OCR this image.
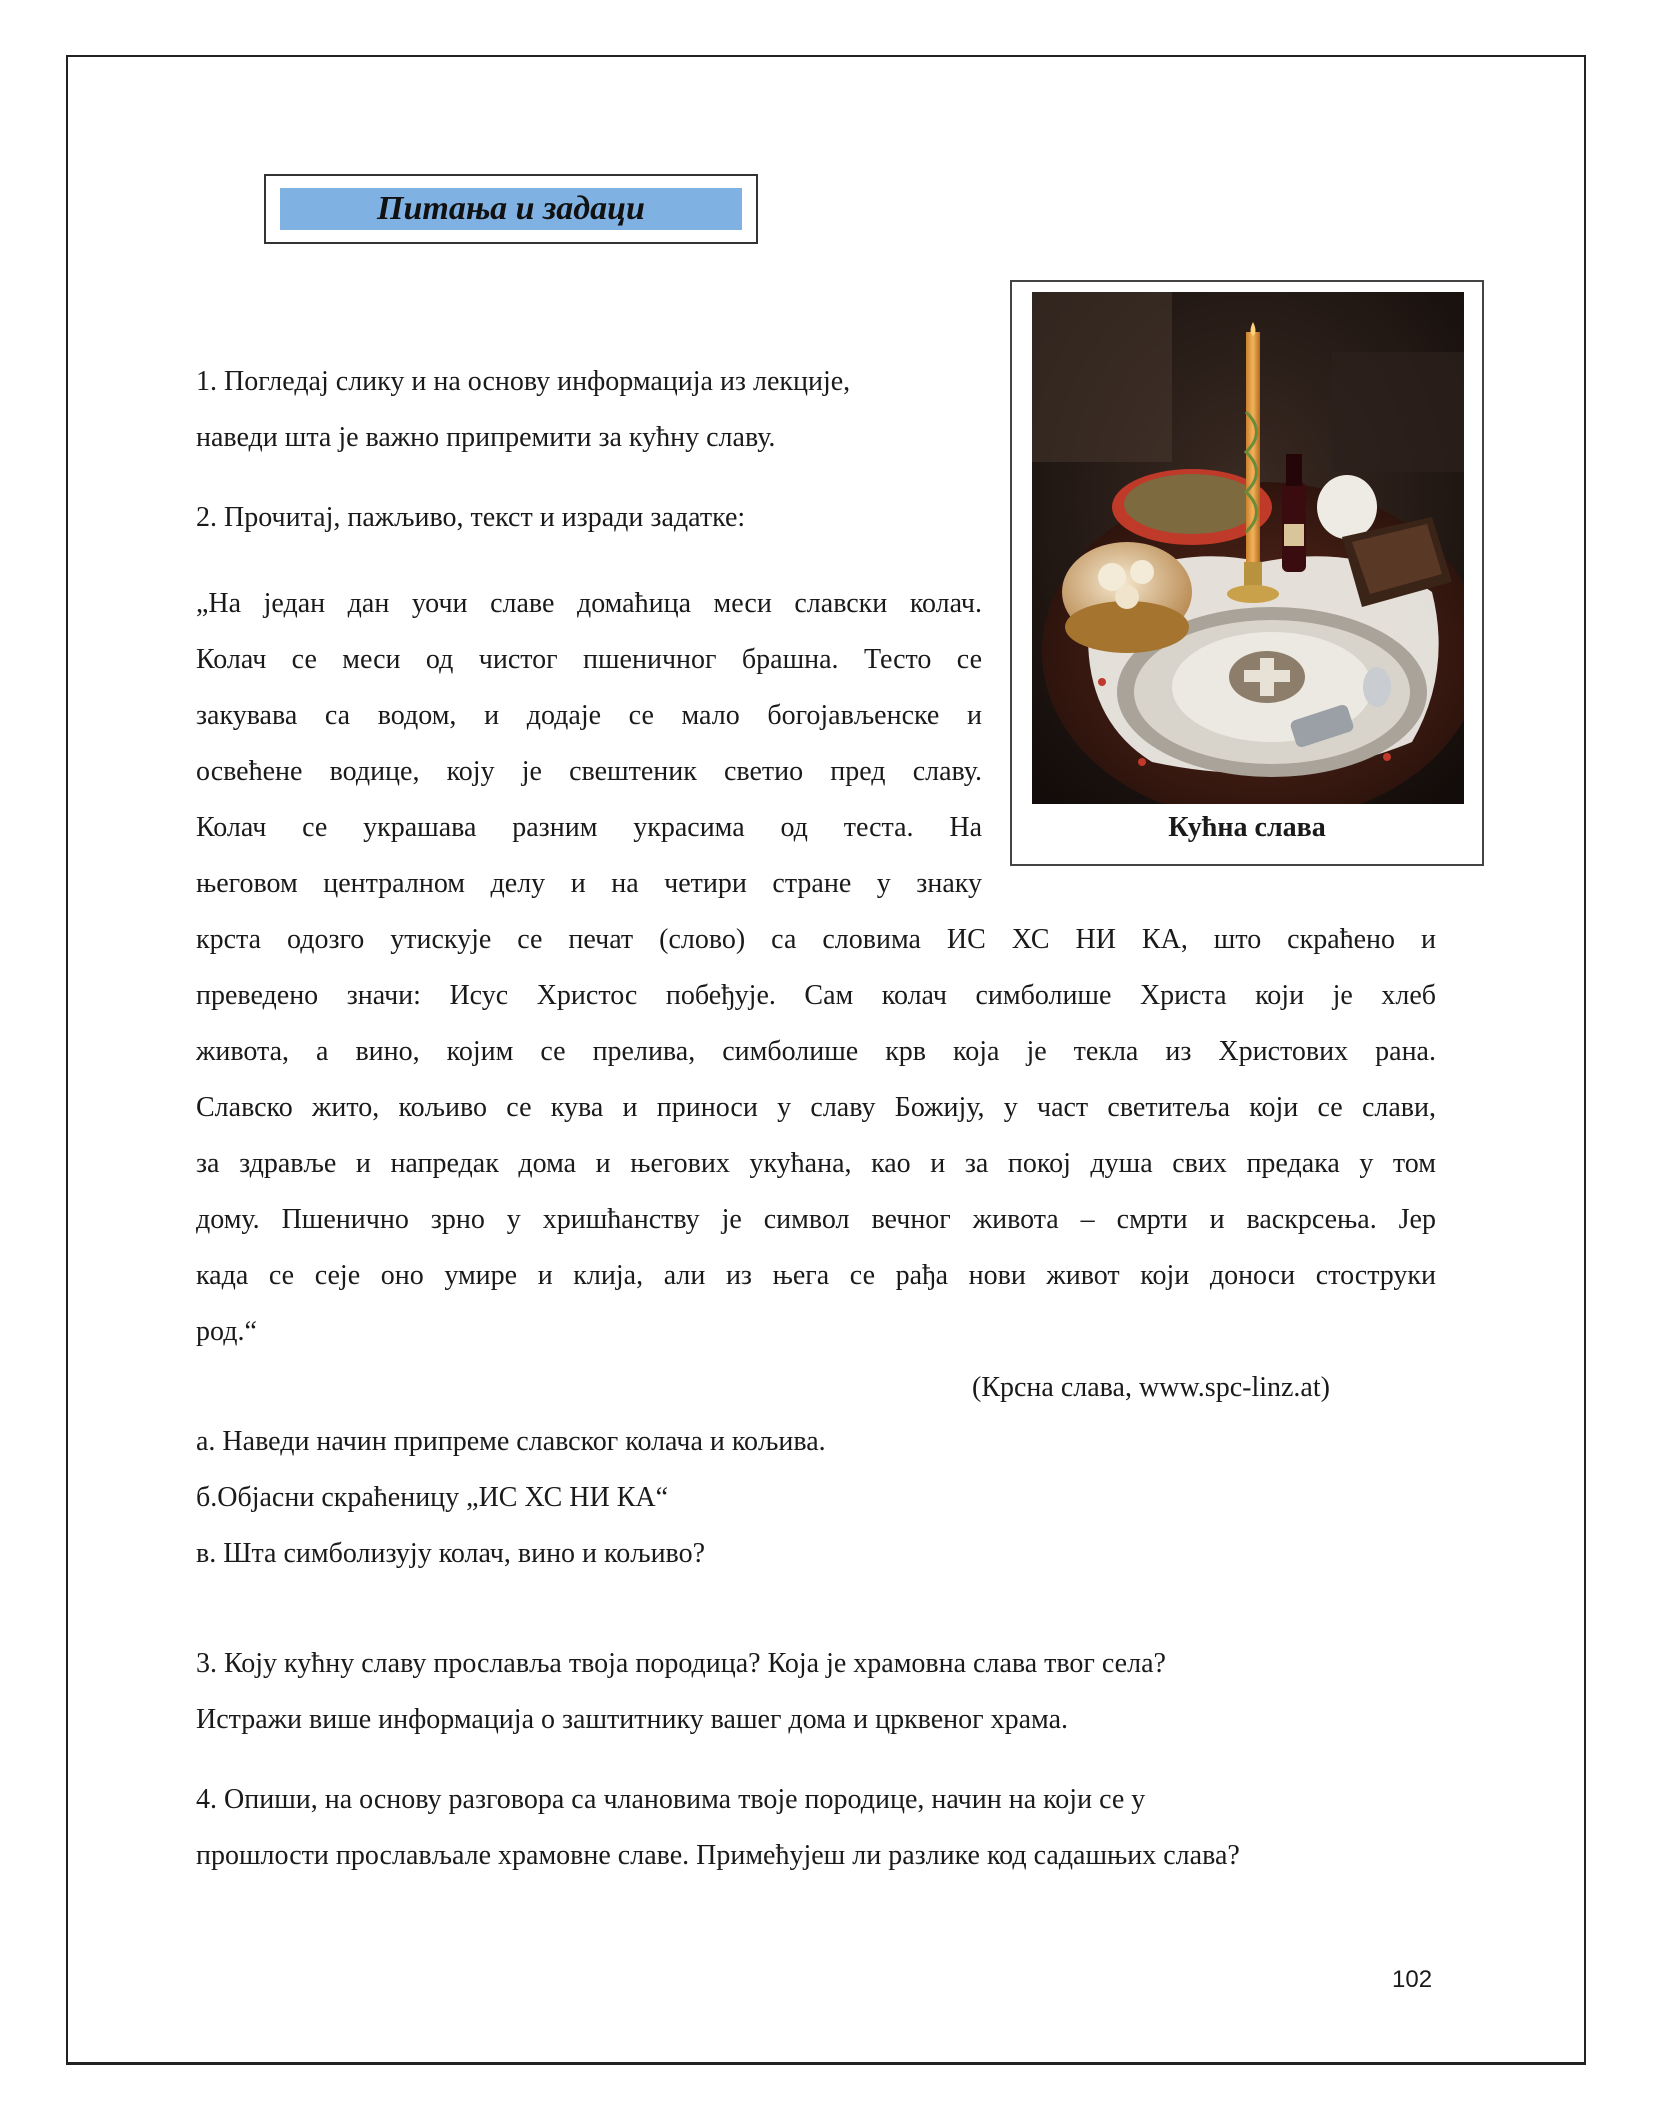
Питања и задаци
Кућна слава
1. Погледај слику и на основу информација из лекције,
наведи шта је важно припремити за кућну славу.
2. Прочитај, пажљиво, текст и изради задатке:
„На један дан уочи славе домаћица меси славски колач.
Колач се меси од чистог пшеничног брашна. Тесто се
закувава са водом, и додаје се мало богојављенске и
освећене водице, коју је свештеник светио пред славу.
Колач се украшава разним украсима од теста. На
његовом централном делу и на четири стране у знаку
крста одозго утискује се печат (слово) са словима ИС ХС НИ КА, што скраћено и
преведено значи: Исус Христос побеђује. Сам колач симболише Христа који је хлеб
живота, а вино, којим се прелива, симболише крв која је текла из Христових рана.
Славско жито, кољиво се кува и приноси у славу Божију, у част светитеља који се слави,
за здравље и напредак дома и његових укућана, као и за покој душа свих предака у том
дому. Пшенично зрно у хришћанству је символ вечног живота – смрти и васкрсења. Јер
када се сеје оно умире и клија, али из њега се рађа нови живот који доноси стоструки
род.“
(Крсна слава, www.spc-linz.at)
а. Наведи начин припреме славског колача и кољива.
б.Објасни скраћеницу „ИС ХС НИ КА“
в. Шта симболизују колач, вино и кољиво?
3. Коју кућну славу прославља твоја породица? Која је храмовна слава твог села?
Истражи више информација о заштитнику вашег дома и црквеног храма.
4. Опиши, на основу разговора са члановима твоје породице, начин на који се у
прошлости прослављале храмовне славе. Примећујеш ли разлике код садашњих слава?
102
